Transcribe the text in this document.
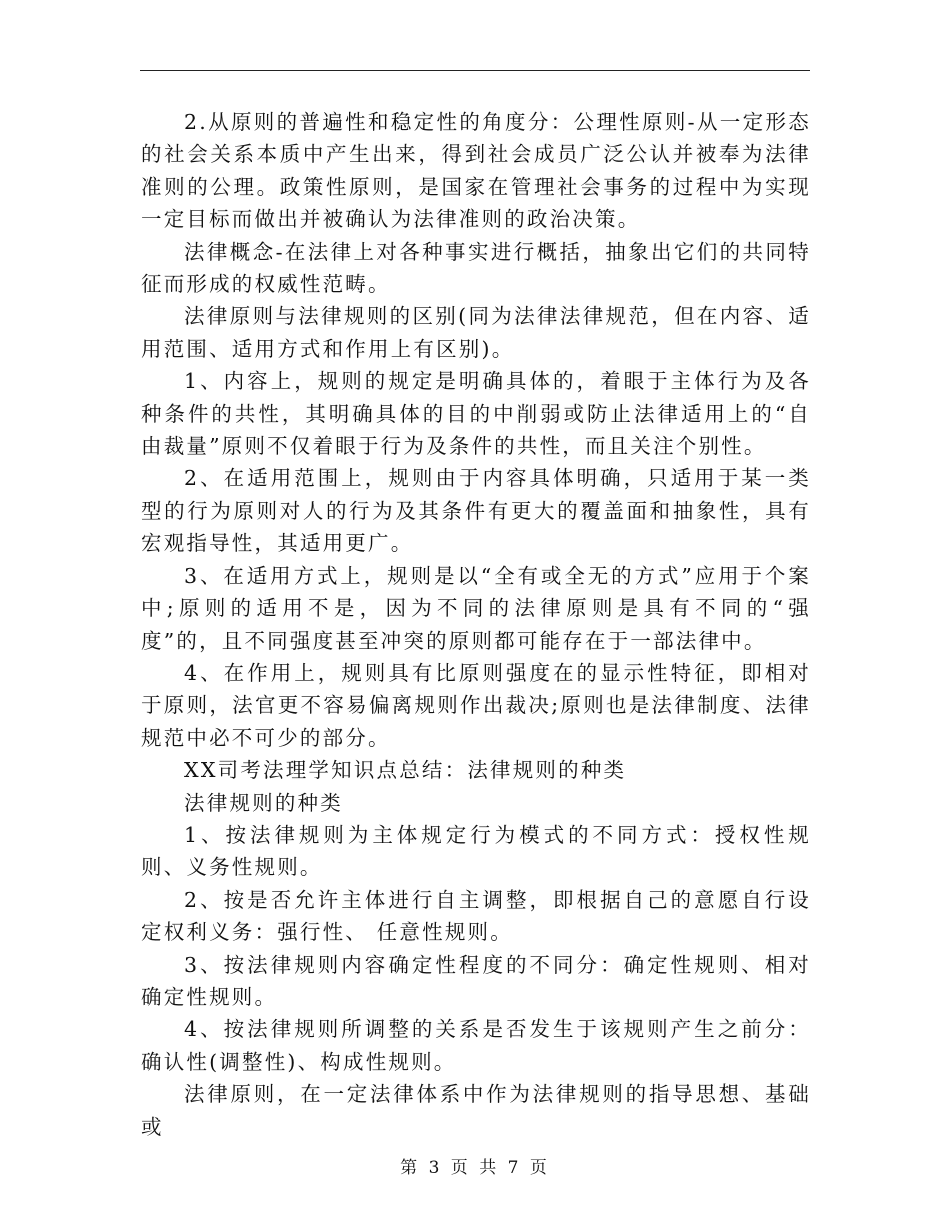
2.从原则的普遍性和稳定性的角度分：公理性原则-从一定形态的社会关系本质中产生出来，得到社会成员广泛公认并被奉为法律准则的公理。政策性原则，是国家在管理社会事务的过程中为实现一定目标而做出并被确认为法律准则的政治决策。

法律概念-在法律上对各种事实进行概括，抽象出它们的共同特征而形成的权威性范畴。

法律原则与法律规则的区别(同为法律法律规范，但在内容、适用范围、适用方式和作用上有区别)。

1、内容上，规则的规定是明确具体的，着眼于主体行为及各种条件的共性，其明确具体的目的中削弱或防止法律适用上的“自由裁量”原则不仅着眼于行为及条件的共性，而且关注个别性。

2、在适用范围上，规则由于内容具体明确，只适用于某一类型的行为原则对人的行为及其条件有更大的覆盖面和抽象性，具有宏观指导性，其适用更广。

3、在适用方式上，规则是以“全有或全无的方式”应用于个案中;原则的适用不是，因为不同的法律原则是具有不同的“强度”的，且不同强度甚至冲突的原则都可能存在于一部法律中。

4、在作用上，规则具有比原则强度在的显示性特征，即相对于原则，法官更不容易偏离规则作出裁决;原则也是法律制度、法律规范中必不可少的部分。

XX司考法理学知识点总结：法律规则的种类

法律规则的种类

1、按法律规则为主体规定行为模式的不同方式：授权性规则、义务性规则。

2、按是否允许主体进行自主调整，即根据自己的意愿自行设定权利义务：强行性、 任意性规则。

3、按法律规则内容确定性程度的不同分：确定性规则、相对确定性规则。

4、按法律规则所调整的关系是否发生于该规则产生之前分：确认性(调整性)、构成性规则。

法律原则，在一定法律体系中作为法律规则的指导思想、基础或

第 3 页 共 7 页
